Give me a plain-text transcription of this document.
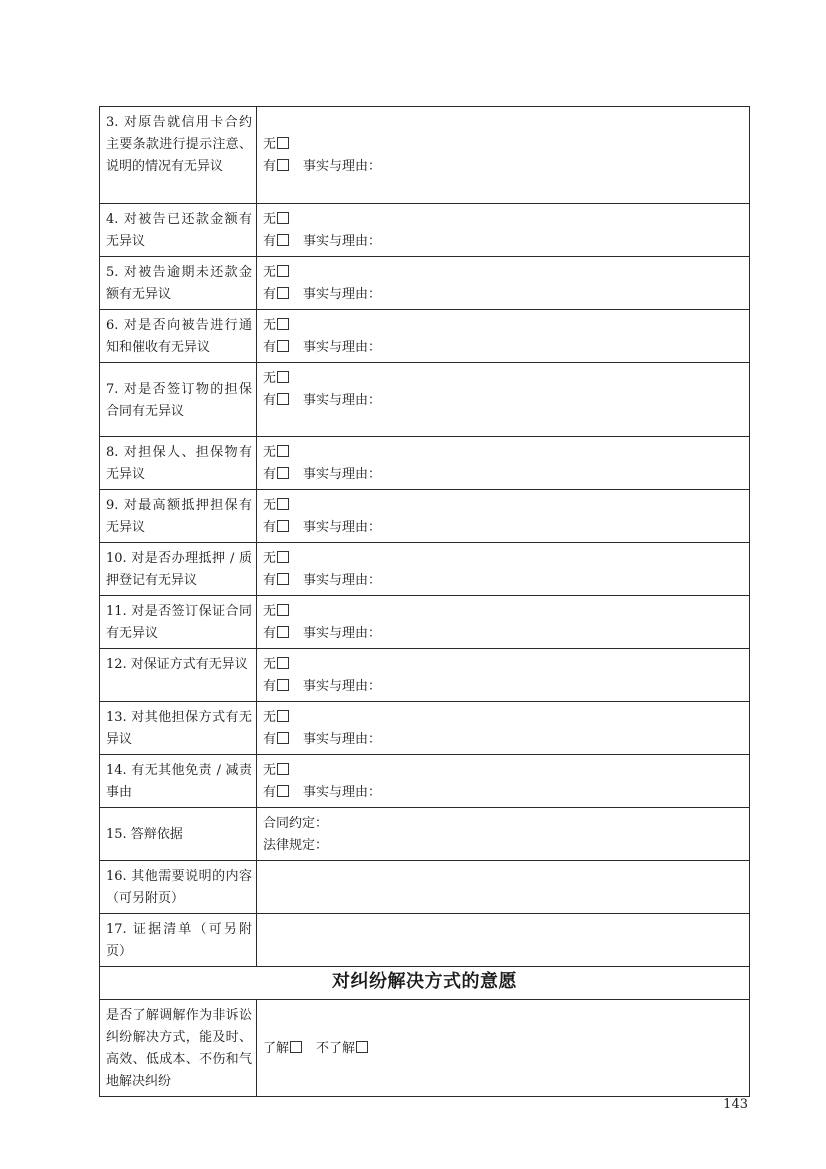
3. 对原告就信用卡合约主要条款进行提示注意、说明的情况有无异议	无
有 事实与理由：

4. 对被告已还款金额有无异议	无
有 事实与理由：

5. 对被告逾期未还款金额有无异议	无
有 事实与理由：

6. 对是否向被告进行通知和催收有无异议	无
有 事实与理由：

7. 对是否签订物的担保合同有无异议	无
有 事实与理由：

8. 对担保人、担保物有无异议	无
有 事实与理由：

9. 对最高额抵押担保有无异议	无
有 事实与理由：

10. 对是否办理抵押 / 质押登记有无异议	无
有 事实与理由：

11. 对是否签订保证合同有无异议	无
有 事实与理由：

12. 对保证方式有无异议	无
有 事实与理由：

13. 对其他担保方式有无异议	无
有 事实与理由：

14. 有无其他免责 / 减责事由	无
有 事实与理由：

15. 答辩依据	合同约定：
法律规定：

16. 其他需要说明的内容（可另附页）	
17. 证据清单（可另附页）	
对纠纷解决方式的意愿	
是否了解调解作为非诉讼纠纷解决方式，能及时、高效、低成本、不伤和气地解决纠纷	了解 不了解
143
